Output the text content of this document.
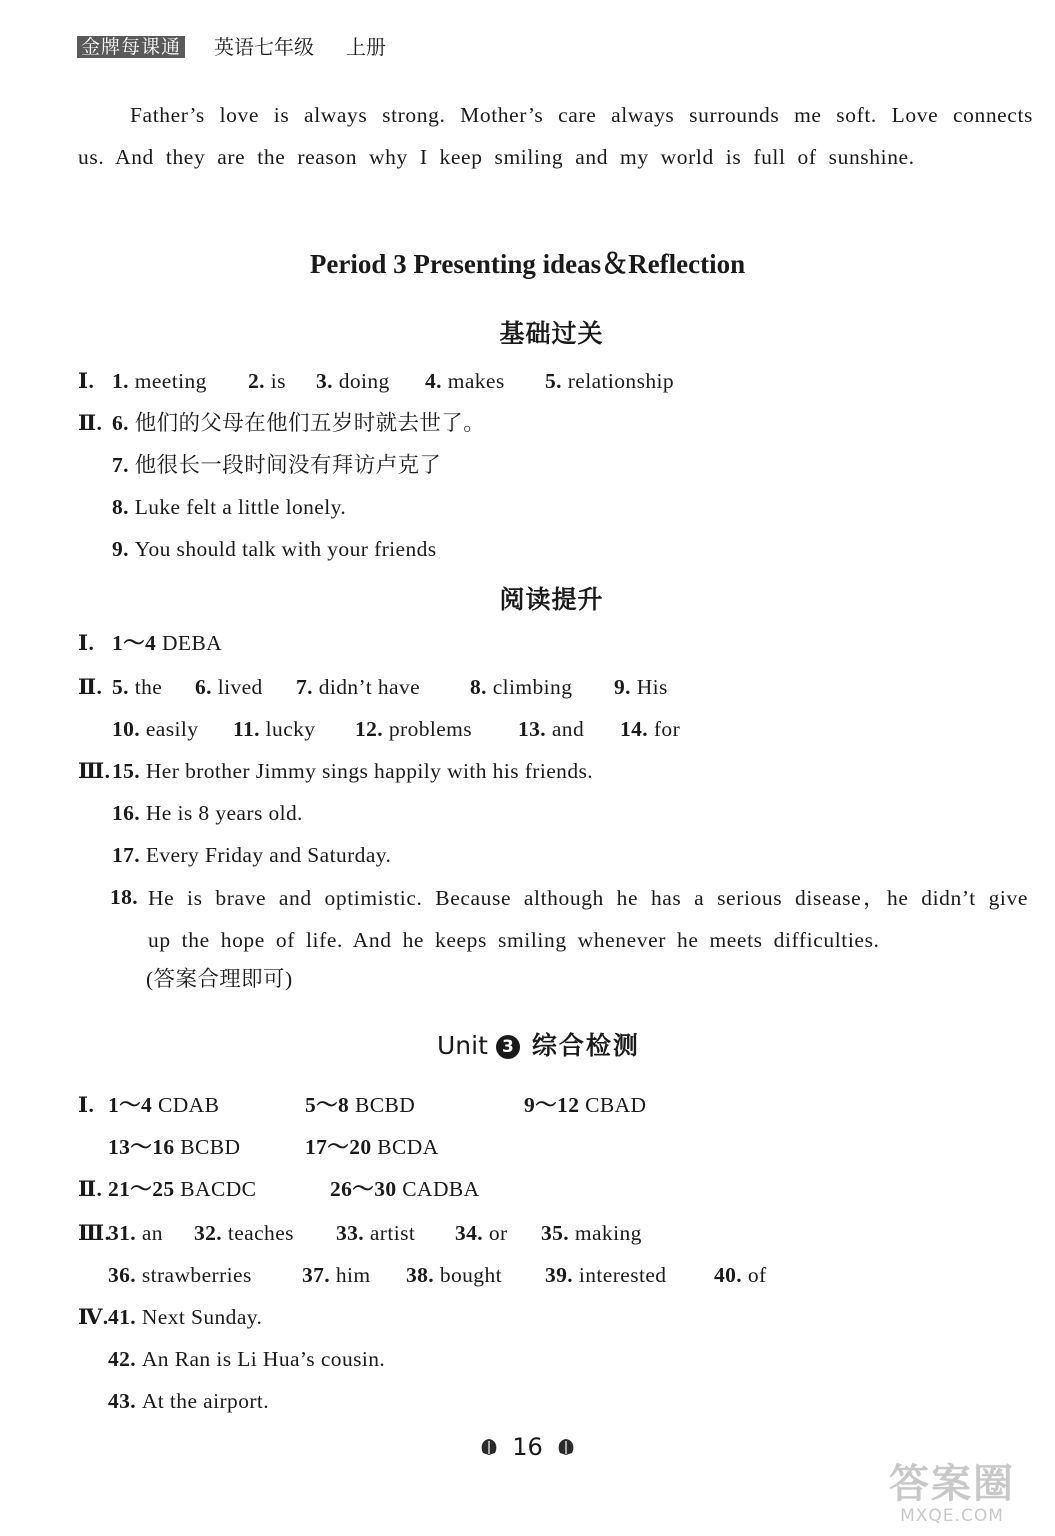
金牌每课通 英语七年级 上册
Father’s love is always strong. Mother’s care always surrounds me soft. Love connects us. And they are the reason why I keep smiling and my world is full of sunshine.
Period 3 Presenting ideas＆Reflection
基础过关
Ⅰ. 1. meeting 2. is 3. doing 4. makes 5. relationship
Ⅱ. 6. 他们的父母在他们五岁时就去世了。
7. 他很长一段时间没有拜访卢克了
8. Luke felt a little lonely.
9. You should talk with your friends
阅读提升
Ⅰ. 1～4 DEBA
Ⅱ. 5. the 6. lived 7. didn’t have 8. climbing 9. His
10. easily 11. lucky 12. problems 13. and 14. for
Ⅲ. 15. Her brother Jimmy sings happily with his friends.
16. He is 8 years old.
17. Every Friday and Saturday.
18. He is brave and optimistic. Because although he has a serious disease，he didn’t give up the hope of life. And he keeps smiling whenever he meets difficulties.
(答案合理即可)
Unit 3 综合检测
Ⅰ. 1～4 CDAB	5～8 BCBD	9～12 CBAD
13～16 BCBD	17～20 BCDA
Ⅱ. 21～25 BACDC	26～30 CADBA
Ⅲ.
31. an 32. teaches 33. artist 34. or 35. making
36. strawberries 37. him 38. bought 39. interested 40. of
Ⅳ. 41. Next Sunday.
42. An Ran is Li Hua’s cousin.
43. At the airport.
16
答案圈
MXQE.COM
